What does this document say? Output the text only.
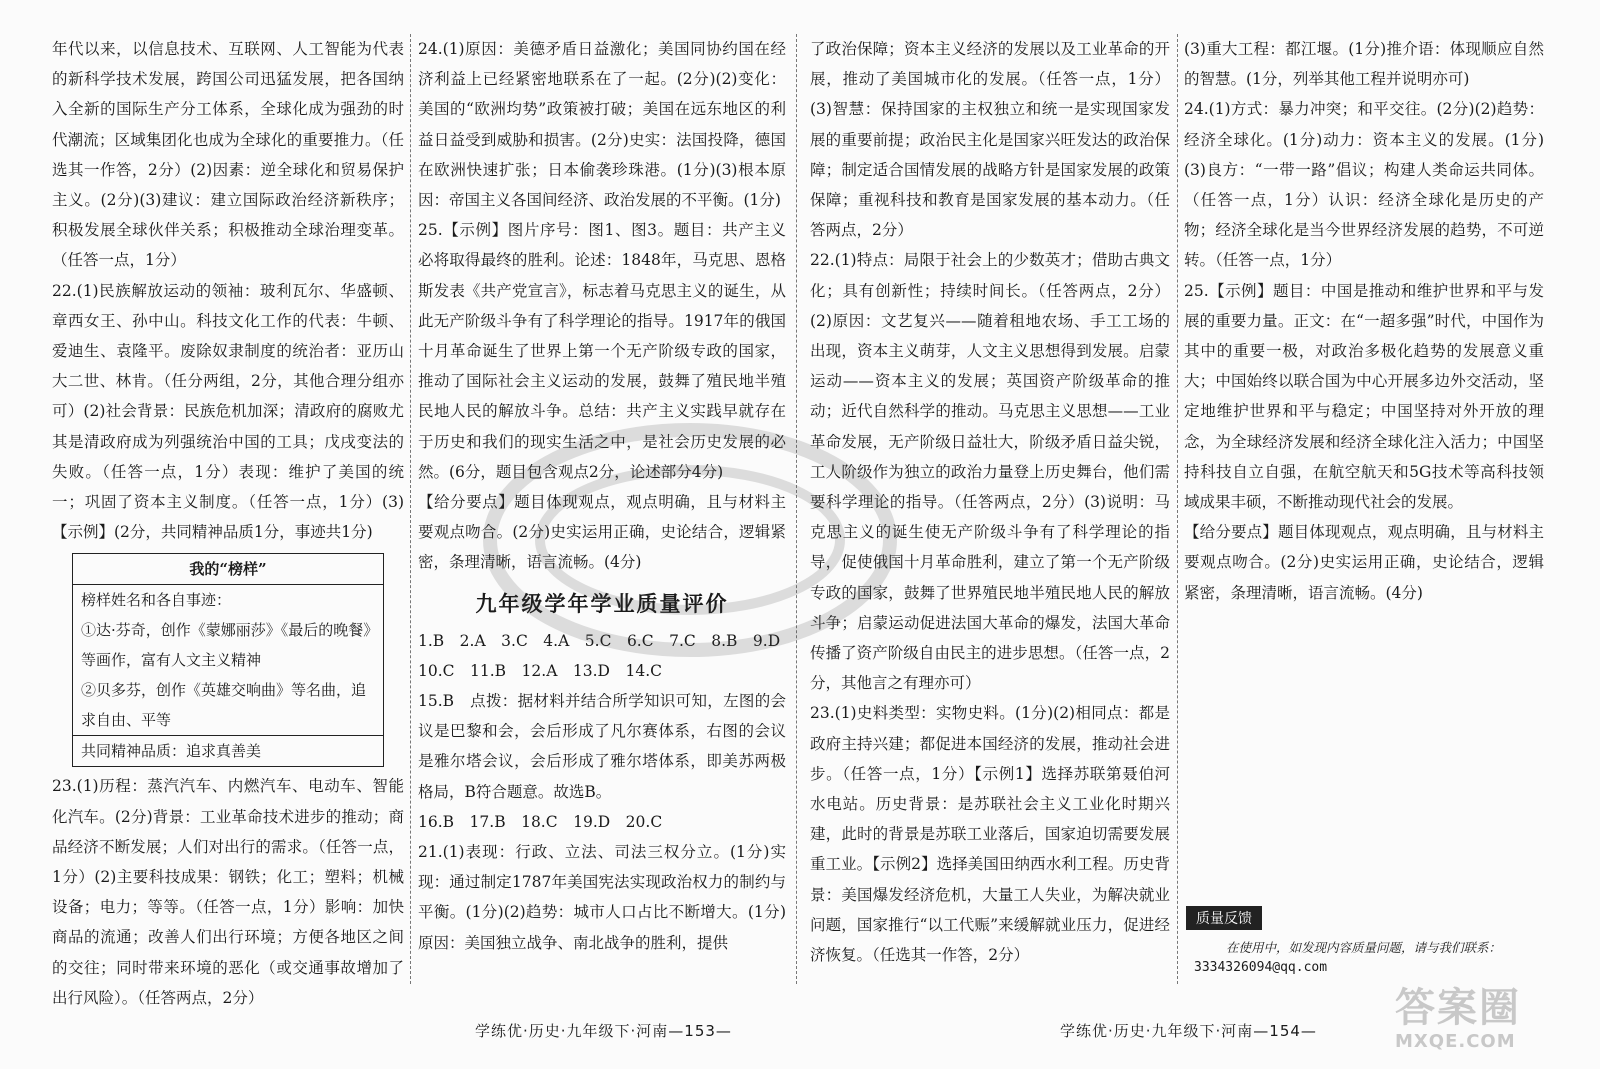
年代以来，以信息技术、互联网、人工智能为代表的新科学技术发展，跨国公司迅猛发展，把各国纳入全新的国际生产分工体系，全球化成为强劲的时代潮流；区域集团化也成为全球化的重要推力。（任选其一作答，2分）(2)因素：逆全球化和贸易保护主义。(2分)(3)建议：建立国际政治经济新秩序；积极发展全球伙伴关系；积极推动全球治理变革。（任答一点，1分）

22.(1)民族解放运动的领袖：玻利瓦尔、华盛顿、章西女王、孙中山。科技文化工作的代表：牛顿、爱迪生、袁隆平。废除奴隶制度的统治者：亚历山大二世、林肯。（任分两组，2分，其他合理分组亦可）(2)社会背景：民族危机加深；清政府的腐败尤其是清政府成为列强统治中国的工具；戊戌变法的失败。（任答一点，1分）表现：维护了美国的统一；巩固了资本主义制度。（任答一点，1分）(3)【示例】(2分，共同精神品质1分，事迹共1分)

我的“榜样”

榜样姓名和各自事迹：

①达·芬奇，创作《蒙娜丽莎》《最后的晚餐》等画作，富有人文主义精神

②贝多芬，创作《英雄交响曲》等名曲，追求自由、平等

共同精神品质：追求真善美

23.(1)历程：蒸汽汽车、内燃汽车、电动车、智能化汽车。(2分)背景：工业革命技术进步的推动；商品经济不断发展；人们对出行的需求。（任答一点，1分）(2)主要科技成果：钢铁；化工；塑料；机械设备；电力；等等。（任答一点，1分）影响：加快商品的流通；改善人们出行环境；方便各地区之间的交往；同时带来环境的恶化（或交通事故增加了出行风险）。（任答两点，2分）

24.(1)原因：美德矛盾日益激化；美国同协约国在经济利益上已经紧密地联系在了一起。(2分)(2)变化：美国的“欧洲均势”政策被打破；美国在远东地区的利益日益受到威胁和损害。(2分)史实：法国投降，德国在欧洲快速扩张；日本偷袭珍珠港。(1分)(3)根本原因：帝国主义各国间经济、政治发展的不平衡。(1分)

25.【示例】图片序号：图1、图3。题目：共产主义必将取得最终的胜利。论述：1848年，马克思、恩格斯发表《共产党宣言》，标志着马克思主义的诞生，从此无产阶级斗争有了科学理论的指导。1917年的俄国十月革命诞生了世界上第一个无产阶级专政的国家，推动了国际社会主义运动的发展，鼓舞了殖民地半殖民地人民的解放斗争。总结：共产主义实践早就存在于历史和我们的现实生活之中，是社会历史发展的必然。(6分，题目包含观点2分，论述部分4分)

【给分要点】题目体现观点，观点明确，且与材料主要观点吻合。(2分)史实运用正确，史论结合，逻辑紧密，条理清晰，语言流畅。(4分)

九年级学年学业质量评价

1.B　2.A　3.C　4.A　5.C　6.C　7.C　8.B　9.D

10.C　11.B　12.A　13.D　14.C

15.B　点拨：据材料并结合所学知识可知，左图的会议是巴黎和会，会后形成了凡尔赛体系，右图的会议是雅尔塔会议，会后形成了雅尔塔体系，即美苏两极格局，B符合题意。故选B。

16.B　17.B　18.C　19.D　20.C

21.(1)表现：行政、立法、司法三权分立。(1分)实现：通过制定1787年美国宪法实现政治权力的制约与平衡。(1分)(2)趋势：城市人口占比不断增大。(1分)原因：美国独立战争、南北战争的胜利，提供

了政治保障；资本主义经济的发展以及工业革命的开展，推动了美国城市化的发展。（任答一点，1分）(3)智慧：保持国家的主权独立和统一是实现国家发展的重要前提；政治民主化是国家兴旺发达的政治保障；制定适合国情发展的战略方针是国家发展的政策保障；重视科技和教育是国家发展的基本动力。（任答两点，2分）

22.(1)特点：局限于社会上的少数英才；借助古典文化；具有创新性；持续时间长。（任答两点，2分）(2)原因：文艺复兴——随着租地农场、手工工场的出现，资本主义萌芽，人文主义思想得到发展。启蒙运动——资本主义的发展；英国资产阶级革命的推动；近代自然科学的推动。马克思主义思想——工业革命发展，无产阶级日益壮大，阶级矛盾日益尖锐，工人阶级作为独立的政治力量登上历史舞台，他们需要科学理论的指导。（任答两点，2分）(3)说明：马克思主义的诞生使无产阶级斗争有了科学理论的指导，促使俄国十月革命胜利，建立了第一个无产阶级专政的国家，鼓舞了世界殖民地半殖民地人民的解放斗争；启蒙运动促进法国大革命的爆发，法国大革命传播了资产阶级自由民主的进步思想。（任答一点，2分，其他言之有理亦可）

23.(1)史料类型：实物史料。(1分)(2)相同点：都是政府主持兴建；都促进本国经济的发展，推动社会进步。（任答一点，1分）【示例1】选择苏联第聂伯河水电站。历史背景：是苏联社会主义工业化时期兴建，此时的背景是苏联工业落后，国家迫切需要发展重工业。【示例2】选择美国田纳西水利工程。历史背景：美国爆发经济危机，大量工人失业，为解决就业问题，国家推行“以工代赈”来缓解就业压力，促进经济恢复。（任选其一作答，2分）

(3)重大工程：都江堰。(1分)推介语：体现顺应自然的智慧。(1分，列举其他工程并说明亦可)

24.(1)方式：暴力冲突；和平交往。(2分)(2)趋势：经济全球化。(1分)动力：资本主义的发展。(1分)(3)良方：“一带一路”倡议；构建人类命运共同体。（任答一点，1分）认识：经济全球化是历史的产物；经济全球化是当今世界经济发展的趋势，不可逆转。（任答一点，1分）

25.【示例】题目：中国是推动和维护世界和平与发展的重要力量。正文：在“一超多强”时代，中国作为其中的重要一极，对政治多极化趋势的发展意义重大；中国始终以联合国为中心开展多边外交活动，坚定地维护世界和平与稳定；中国坚持对外开放的理念，为全球经济发展和经济全球化注入活力；中国坚持科技自立自强，在航空航天和5G技术等高科技领域成果丰硕，不断推动现代社会的发展。

【给分要点】题目体现观点，观点明确，且与材料主要观点吻合。(2分)史实运用正确，史论结合，逻辑紧密，条理清晰，语言流畅。(4分)

质量反馈
在使用中，如发现内容质量问题，请与我们联系：
3334326094@qq.com
学练优·历史·九年级下·河南—153—	学练优·历史·九年级下·河南—154— 答案圈
MXQE.COM
